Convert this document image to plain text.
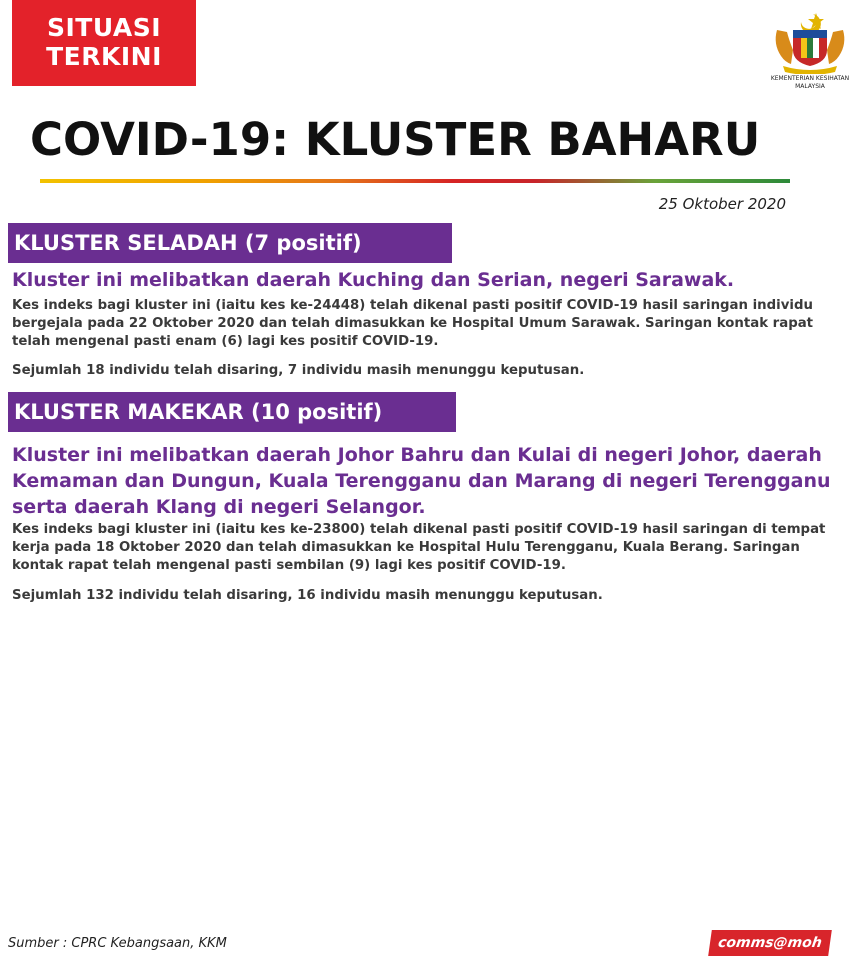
SITUASI
TERKINI
KEMENTERIAN KESIHATAN
MALAYSIA
COVID-19: KLUSTER BAHARU
25 Oktober 2020
KLUSTER SELADAH (7 positif)
Kluster ini melibatkan daerah Kuching dan Serian, negeri Sarawak.
Kes indeks bagi kluster ini (iaitu kes ke-24448) telah dikenal pasti positif COVID-19 hasil saringan individu
bergejala pada 22 Oktober 2020 dan telah dimasukkan ke Hospital Umum Sarawak. Saringan kontak rapat
telah mengenal pasti enam (6) lagi kes positif COVID-19.
Sejumlah 18 individu telah disaring, 7 individu masih menunggu keputusan.
KLUSTER MAKEKAR (10 positif)
Kluster ini melibatkan daerah Johor Bahru dan Kulai di negeri Johor, daerah
Kemaman dan Dungun, Kuala Terengganu dan Marang di negeri Terengganu
serta daerah Klang di negeri Selangor.
Kes indeks bagi kluster ini (iaitu kes ke-23800) telah dikenal pasti positif COVID-19 hasil saringan di tempat
kerja pada 18 Oktober 2020 dan telah dimasukkan ke Hospital Hulu Terengganu, Kuala Berang. Saringan
kontak rapat telah mengenal pasti sembilan (9) lagi kes positif COVID-19.
Sejumlah 132 individu telah disaring, 16 individu masih menunggu keputusan.
Sumber : CPRC Kebangsaan, KKM	comms@moh
